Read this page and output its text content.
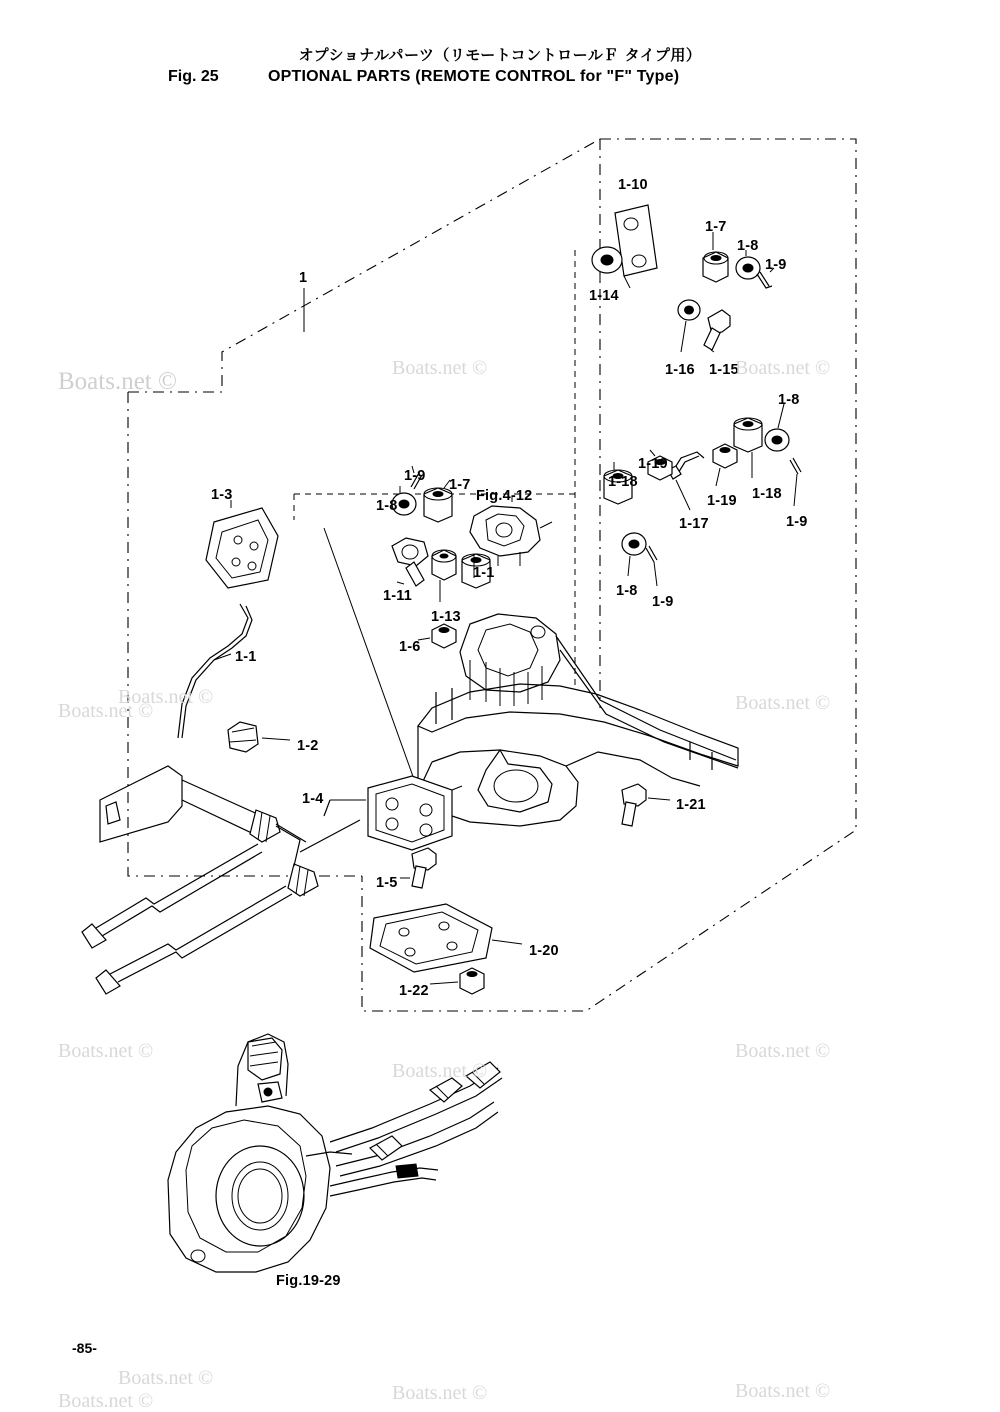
オプショナルパーツ（リモートコントロールＦ タイプ用）
Fig. 25	OPTIONAL PARTS (REMOTE CONTROL for "F" Type)
-85-
1
1-10
1-7
1-8
1-9
1-14
1-16 1-15
1-8
1-19
1-18
1-19 1-18
1-17	1-9
1-9
1-7
1-8
Fig.4-12
1-3
1-1
1-11
1-13
1-8
1-9
1-6
1-1
1-2
1-4	1-21
1-5
1-20
1-22
Fig.19-29
Boats.net ©	Boats.net ©	Boats.net ©
Boats.net ©
Boats.net ©	Boats.net ©
Boats.net ©
Boats.net ©
Boats.net ©
Boats.net ©
Boats.net ©	Boats.net ©
Boats.net ©
